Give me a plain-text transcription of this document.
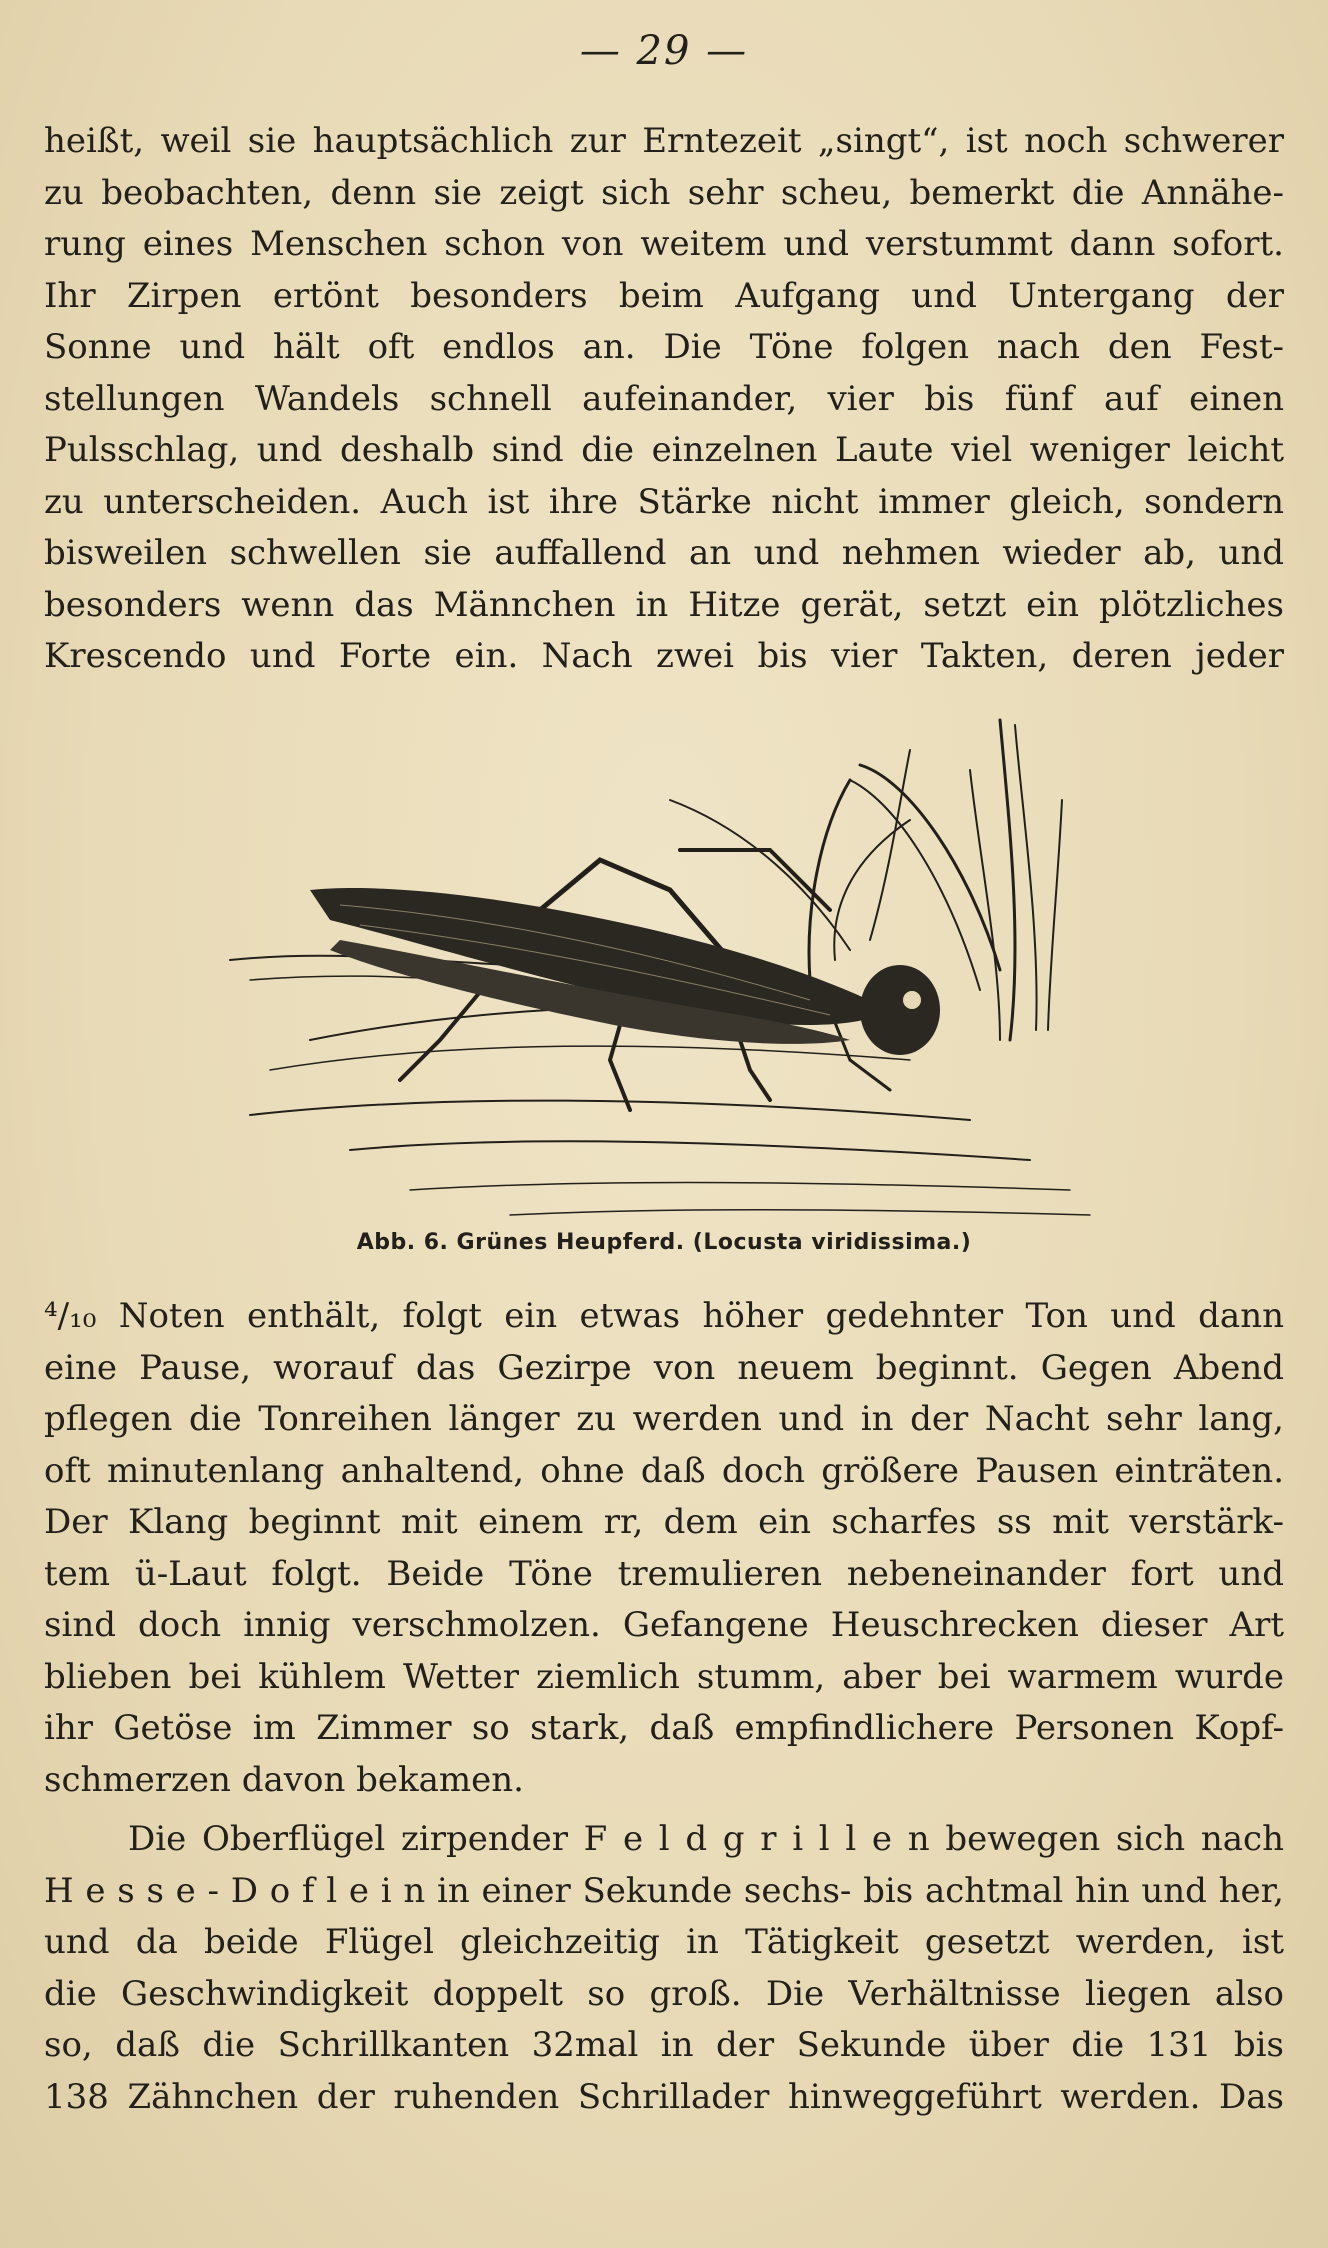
— 29 —
heißt, weil sie hauptsächlich zur Erntezeit „singt“, ist noch schwerer
zu beobachten, denn sie zeigt sich sehr scheu, bemerkt die Annähe-
rung eines Menschen schon von weitem und verstummt dann sofort.
Ihr Zirpen ertönt besonders beim Aufgang und Untergang der
Sonne und hält oft endlos an. Die Töne folgen nach den Fest-
stellungen Wandels schnell aufeinander, vier bis fünf auf einen
Pulsschlag, und deshalb sind die einzelnen Laute viel weniger leicht
zu unterscheiden. Auch ist ihre Stärke nicht immer gleich, sondern
bisweilen schwellen sie auffallend an und nehmen wieder ab, und
besonders wenn das Männchen in Hitze gerät, setzt ein plötzliches
Krescendo und Forte ein. Nach zwei bis vier Takten, deren jeder
Abb. 6. Grünes Heupferd. (Locusta viridissima.)
⁴/₁₀ Noten enthält, folgt ein etwas höher gedehnter Ton und dann
eine Pause, worauf das Gezirpe von neuem beginnt. Gegen Abend
pflegen die Tonreihen länger zu werden und in der Nacht sehr lang,
oft minutenlang anhaltend, ohne daß doch größere Pausen einträten.
Der Klang beginnt mit einem rr, dem ein scharfes ss mit verstärk-
tem ü-Laut folgt. Beide Töne tremulieren nebeneinander fort und
sind doch innig verschmolzen. Gefangene Heuschrecken dieser Art
blieben bei kühlem Wetter ziemlich stumm, aber bei warmem wurde
ihr Getöse im Zimmer so stark, daß empfindlichere Personen Kopf-
schmerzen davon bekamen.
Die Oberflügel zirpender F e l d g r i l l e n bewegen sich nach
H e s s e - D o f l e i n in einer Sekunde sechs- bis achtmal hin und her,
und da beide Flügel gleichzeitig in Tätigkeit gesetzt werden, ist
die Geschwindigkeit doppelt so groß. Die Verhältnisse liegen also
so, daß die Schrillkanten 32mal in der Sekunde über die 131 bis
138 Zähnchen der ruhenden Schrillader hinweggeführt werden. Das
